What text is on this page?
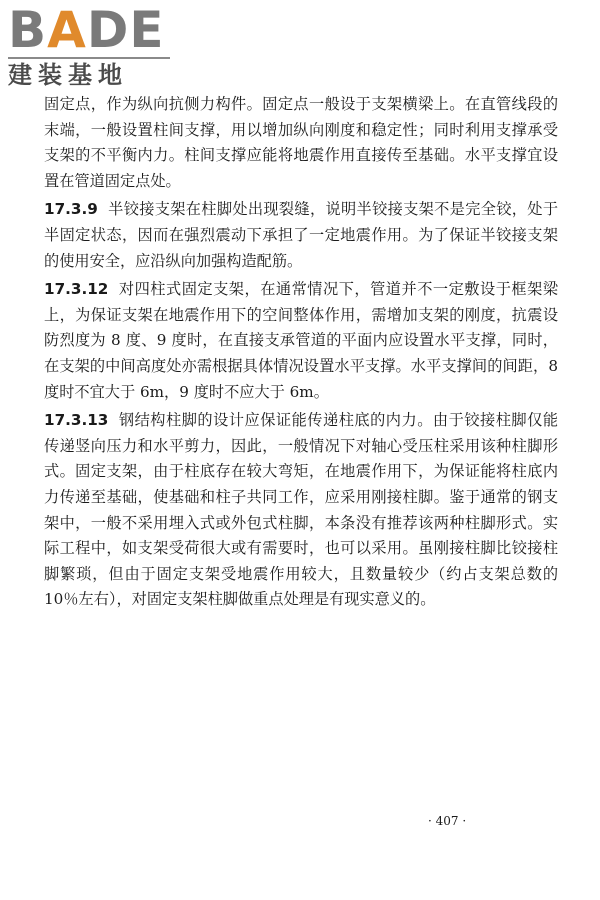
BADE
建装基地

固定点，作为纵向抗侧力构件。固定点一般设于支架横梁上。在直管线段的末端，一般设置柱间支撑，用以增加纵向刚度和稳定性；同时利用支撑承受支架的不平衡内力。柱间支撑应能将地震作用直接传至基础。水平支撑宜设置在管道固定点处。

17.3.9 半铰接支架在柱脚处出现裂缝，说明半铰接支架不是完全铰，处于半固定状态，因而在强烈震动下承担了一定地震作用。为了保证半铰接支架的使用安全，应沿纵向加强构造配筋。

17.3.12 对四柱式固定支架，在通常情况下，管道并不一定敷设于框架梁上，为保证支架在地震作用下的空间整体作用，需增加支架的刚度，抗震设防烈度为 8 度、9 度时，在直接支承管道的平面内应设置水平支撑，同时，在支架的中间高度处亦需根据具体情况设置水平支撑。水平支撑间的间距，8 度时不宜大于 6m，9 度时不应大于 6m。

17.3.13 钢结构柱脚的设计应保证能传递柱底的内力。由于铰接柱脚仅能传递竖向压力和水平剪力，因此，一般情况下对轴心受压柱采用该种柱脚形式。固定支架，由于柱底存在较大弯矩，在地震作用下，为保证能将柱底内力传递至基础，使基础和柱子共同工作，应采用刚接柱脚。鉴于通常的钢支架中，一般不采用埋入式或外包式柱脚，本条没有推荐该两种柱脚形式。实际工程中，如支架受荷很大或有需要时，也可以采用。虽刚接柱脚比铰接柱脚繁琐，但由于固定支架受地震作用较大，且数量较少（约占支架总数的 10％左右），对固定支架柱脚做重点处理是有现实意义的。

· 407 ·
